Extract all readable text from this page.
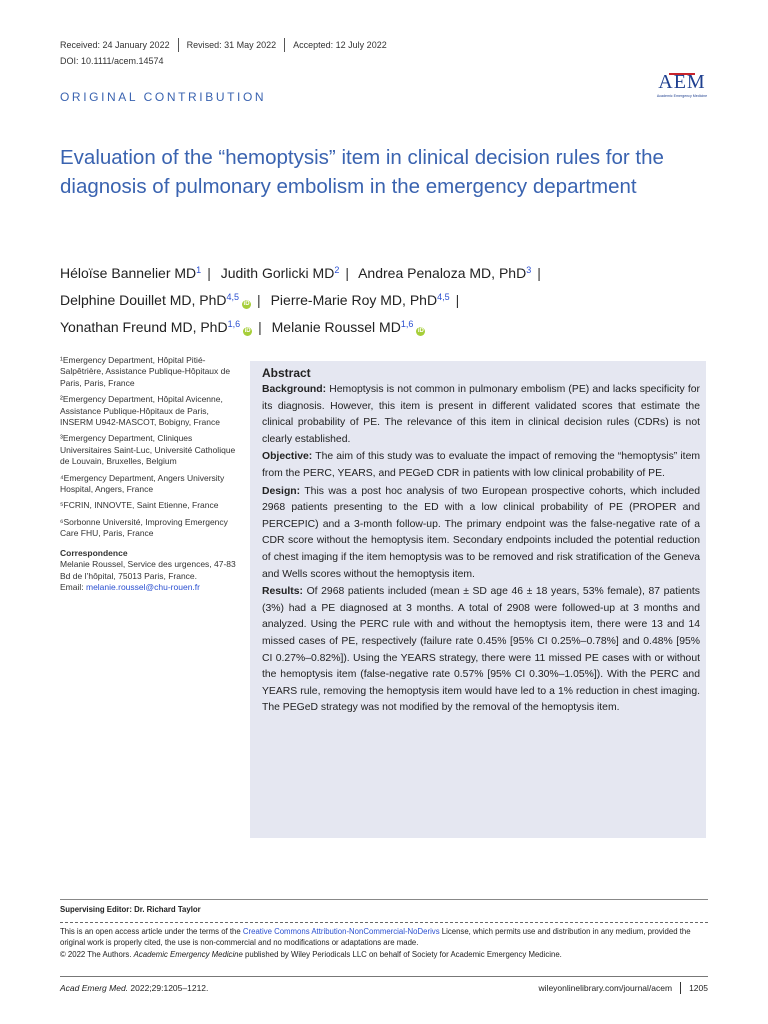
Received: 24 January 2022 Revised: 31 May 2022 Accepted: 12 July 2022
DOI: 10.1111/acem.14574
ORIGINAL CONTRIBUTION
AEM
Academic Emergency Medicine
Evaluation of the “hemoptysis” item in clinical decision rules for the diagnosis of pulmonary embolism in the emergency department
Héloïse Bannelier $MD^1$ | Judith Gorlicki $MD^2$ | Andrea Penaloza MD, PhD$^3$ |
Delphine Douillet MD, PhD$^{4,5}$iD | Pierre-Marie Roy MD, PhD$^{4,5}$ |
Yonathan Freund MD, PhD$^{1,6}$iD | Melanie Roussel MD$^{1,6}$iD
¹Emergency Department, Hôpital Pitié-Salpêtrière, Assistance Publique-Hôpitaux de Paris, Paris, France
²Emergency Department, Hôpital Avicenne, Assistance Publique-Hôpitaux de Paris, INSERM U942-MASCOT, Bobigny, France
³Emergency Department, Cliniques Universitaires Saint-Luc, Université Catholique de Louvain, Bruxelles, Belgium
⁴Emergency Department, Angers University Hospital, Angers, France
⁵FCRIN, INNOVTE, Saint Etienne, France
⁶Sorbonne Université, Improving Emergency Care FHU, Paris, France
Correspondence
Melanie Roussel, Service des urgences, 47-83 Bd de l’hôpital, 75013 Paris, France.
Email: melanie.roussel@chu-rouen.fr
Abstract

Background: Hemoptysis is not common in pulmonary embolism (PE) and lacks specificity for its diagnosis. However, this item is present in different validated scores that estimate the clinical probability of PE. The relevance of this item in clinical decision rules (CDRs) is not clearly established.

Objective: The aim of this study was to evaluate the impact of removing the “hemoptysis” item from the PERC, YEARS, and PEGeD CDR in patients with low clinical probability of PE.

Design: This was a post hoc analysis of two European prospective cohorts, which included 2968 patients presenting to the ED with a low clinical probability of PE (PROPER and PERCEPIC) and a 3-month follow-up. The primary endpoint was the false-negative rate of a CDR score without the hemoptysis item. Secondary endpoints included the potential reduction of chest imaging if the item hemoptysis was to be removed and risk stratification of the Geneva and Wells scores without the hemoptysis item.

Results: Of 2968 patients included (mean ± SD age 46 ± 18 years, 53% female), 87 patients (3%) had a PE diagnosed at 3 months. A total of 2908 were followed-up at 3 months and analyzed. Using the PERC rule with and without the hemoptysis item, there were 13 and 14 missed cases of PE, respectively (failure rate 0.45% [95% CI 0.25%–0.78%] and 0.48% [95% CI 0.27%–0.82%]). Using the YEARS strategy, there were 11 missed PE cases with or without the hemoptysis item (false-negative rate 0.57% [95% CI 0.30%–1.05%]). With the PERC and YEARS rule, removing the hemoptysis item would have led to a 1% reduction in chest imaging. The PEGeD strategy was not modified by the removal of the hemoptysis item.

Supervising Editor: Dr. Richard Taylor
This is an open access article under the terms of the Creative Commons Attribution-NonCommercial-NoDerivs License, which permits use and distribution in any medium, provided the original work is properly cited, the use is non-commercial and no modifications or adaptations are made.
© 2022 The Authors. Academic Emergency Medicine published by Wiley Periodicals LLC on behalf of Society for Academic Emergency Medicine.
Acad Emerg Med. 2022;29:1205–1212.	wileyonlinelibrary.com/journal/acem 1205
